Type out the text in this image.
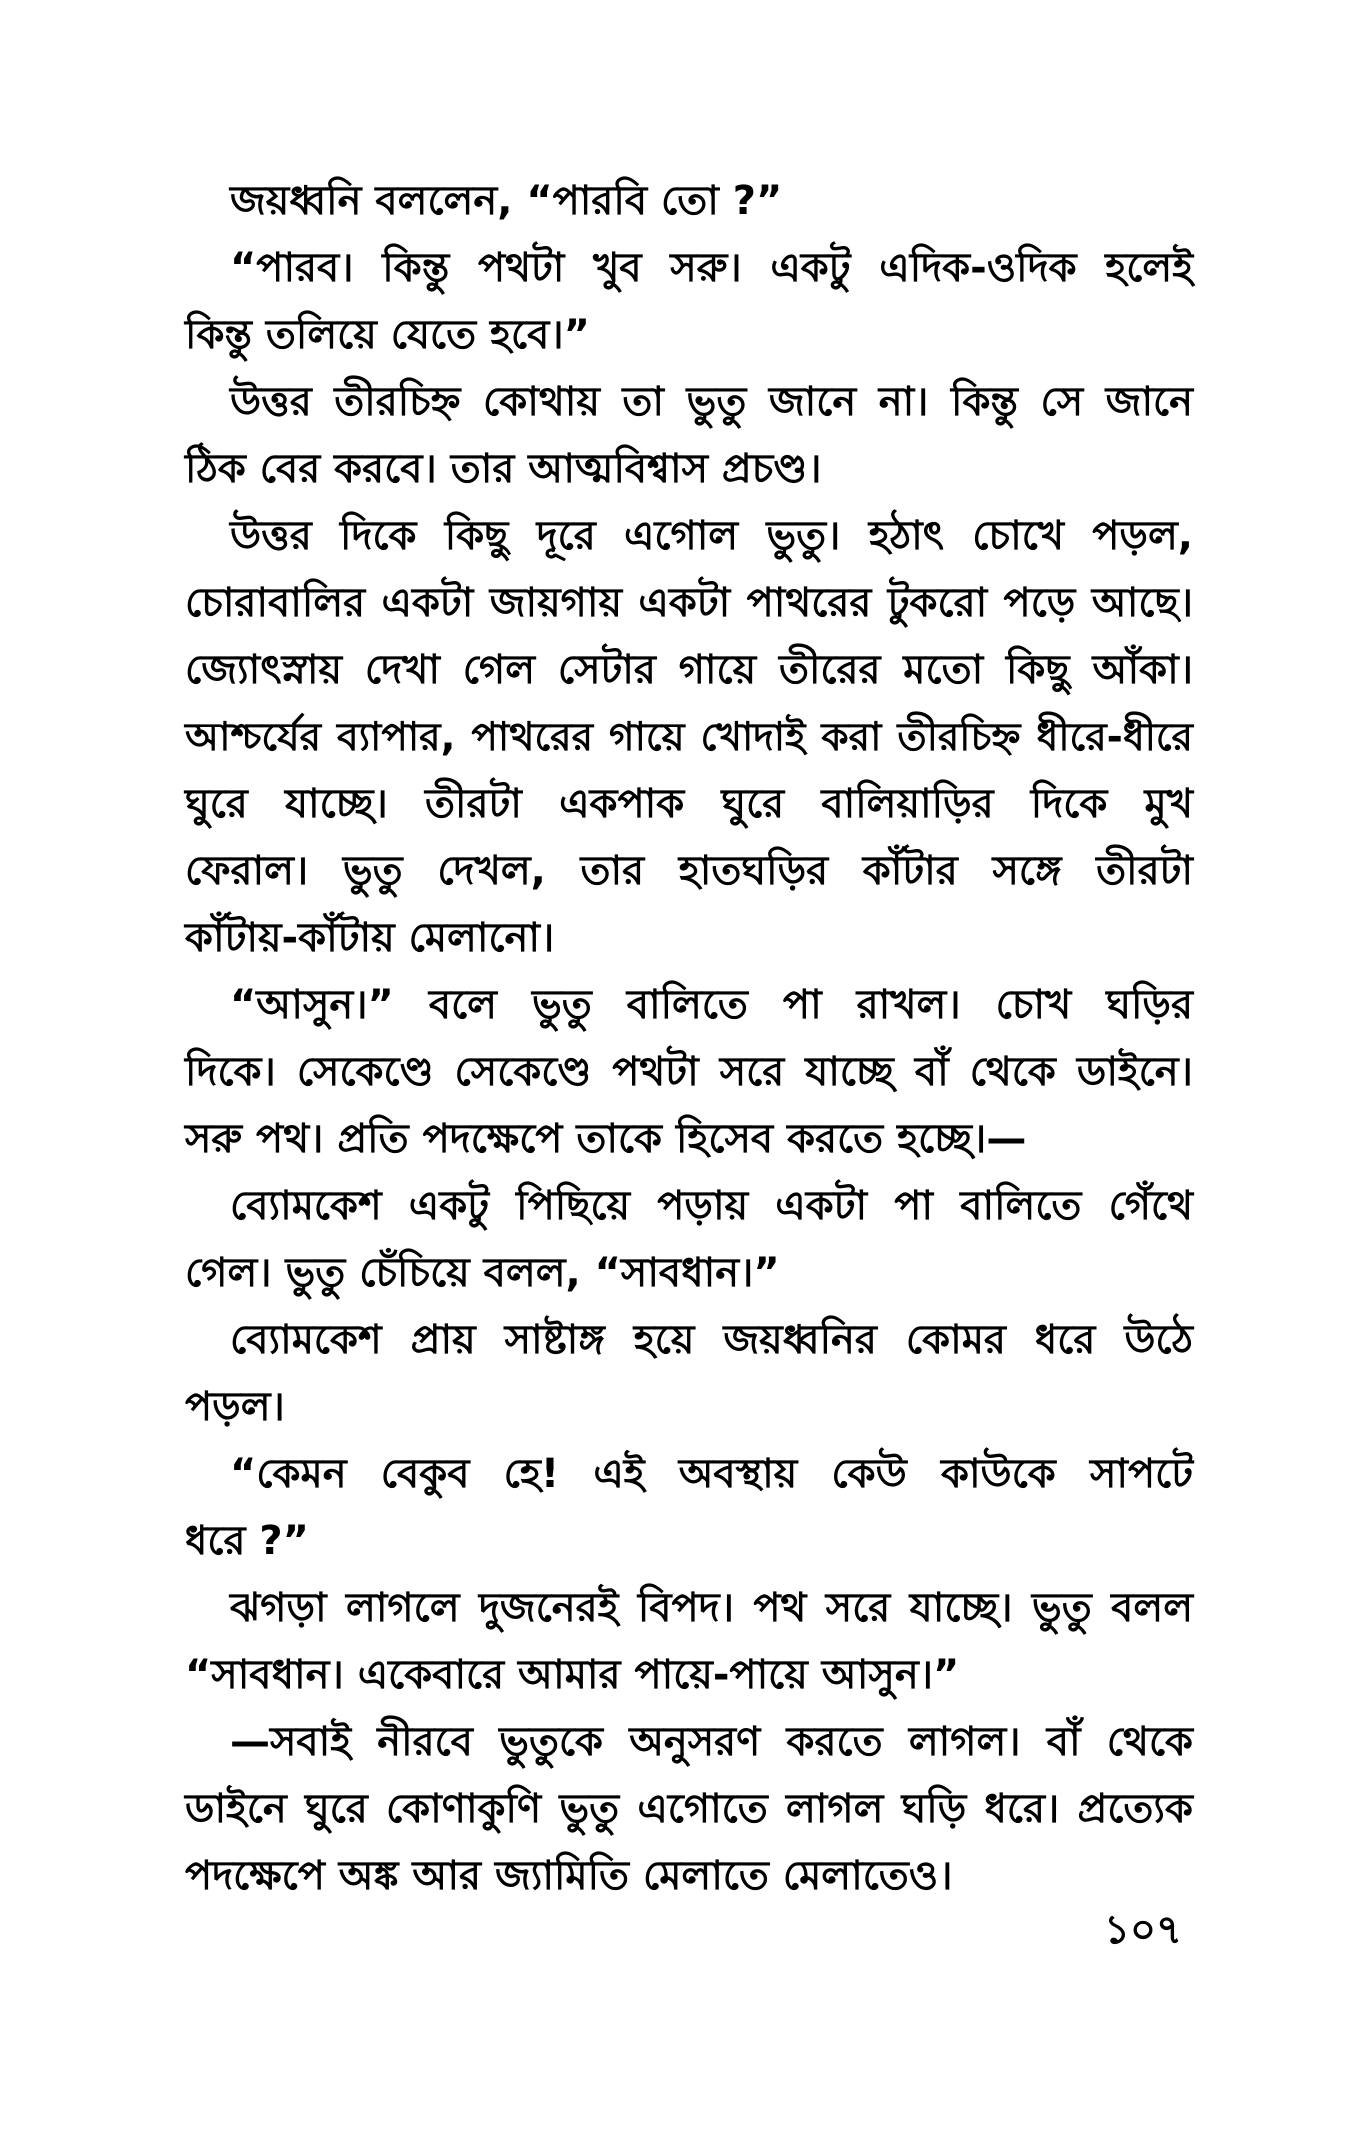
জয়ধ্বনি বললেন, “পারবি তো ?”
“পারব। কিন্তু পথটা খুব সরু। একটু এদিক-ওদিক হলেই
কিন্তু তলিয়ে যেতে হবে।”
উত্তর তীরচিহ্ন কোথায় তা ভুতু জানে না। কিন্তু সে জানে
ঠিক বের করবে। তার আত্মবিশ্বাস প্রচণ্ড।
উত্তর দিকে কিছু দূরে এগোল ভুতু। হঠাৎ চোখে পড়ল,
চোরাবালির একটা জায়গায় একটা পাথরের টুকরো পড়ে আছে।
জ্যোৎস্নায় দেখা গেল সেটার গায়ে তীরের মতো কিছু আঁকা।
আশ্চর্যের ব্যাপার, পাথরের গায়ে খোদাই করা তীরচিহ্ন ধীরে-ধীরে
ঘুরে যাচ্ছে। তীরটা একপাক ঘুরে বালিয়াড়ির দিকে মুখ
ফেরাল। ভুতু দেখল, তার হাতঘড়ির কাঁটার সঙ্গে তীরটা
কাঁটায়-কাঁটায় মেলানো।
“আসুন।” বলে ভুতু বালিতে পা রাখল। চোখ ঘড়ির
দিকে। সেকেণ্ডে সেকেণ্ডে পথটা সরে যাচ্ছে বাঁ থেকে ডাইনে।
সরু পথ। প্রতি পদক্ষেপে তাকে হিসেব করতে হচ্ছে।—
ব্যোমকেশ একটু পিছিয়ে পড়ায় একটা পা বালিতে গেঁথে
গেল। ভুতু চেঁচিয়ে বলল, “সাবধান।”
ব্যোমকেশ প্রায় সাষ্টাঙ্গ হয়ে জয়ধ্বনির কোমর ধরে উঠে
পড়ল।
“কেমন বেকুব হে! এই অবস্থায় কেউ কাউকে সাপটে
ধরে ?”
ঝগড়া লাগলে দুজনেরই বিপদ। পথ সরে যাচ্ছে। ভুতু বলল
“সাবধান। একেবারে আমার পায়ে-পায়ে আসুন।”
—সবাই নীরবে ভুতুকে অনুসরণ করতে লাগল। বাঁ থেকে
ডাইনে ঘুরে কোণাকুণি ভুতু এগোতে লাগল ঘড়ি ধরে। প্রত্যেক
পদক্ষেপে অঙ্ক আর জ্যামিতি মেলাতে মেলাতেও।
১০৭
